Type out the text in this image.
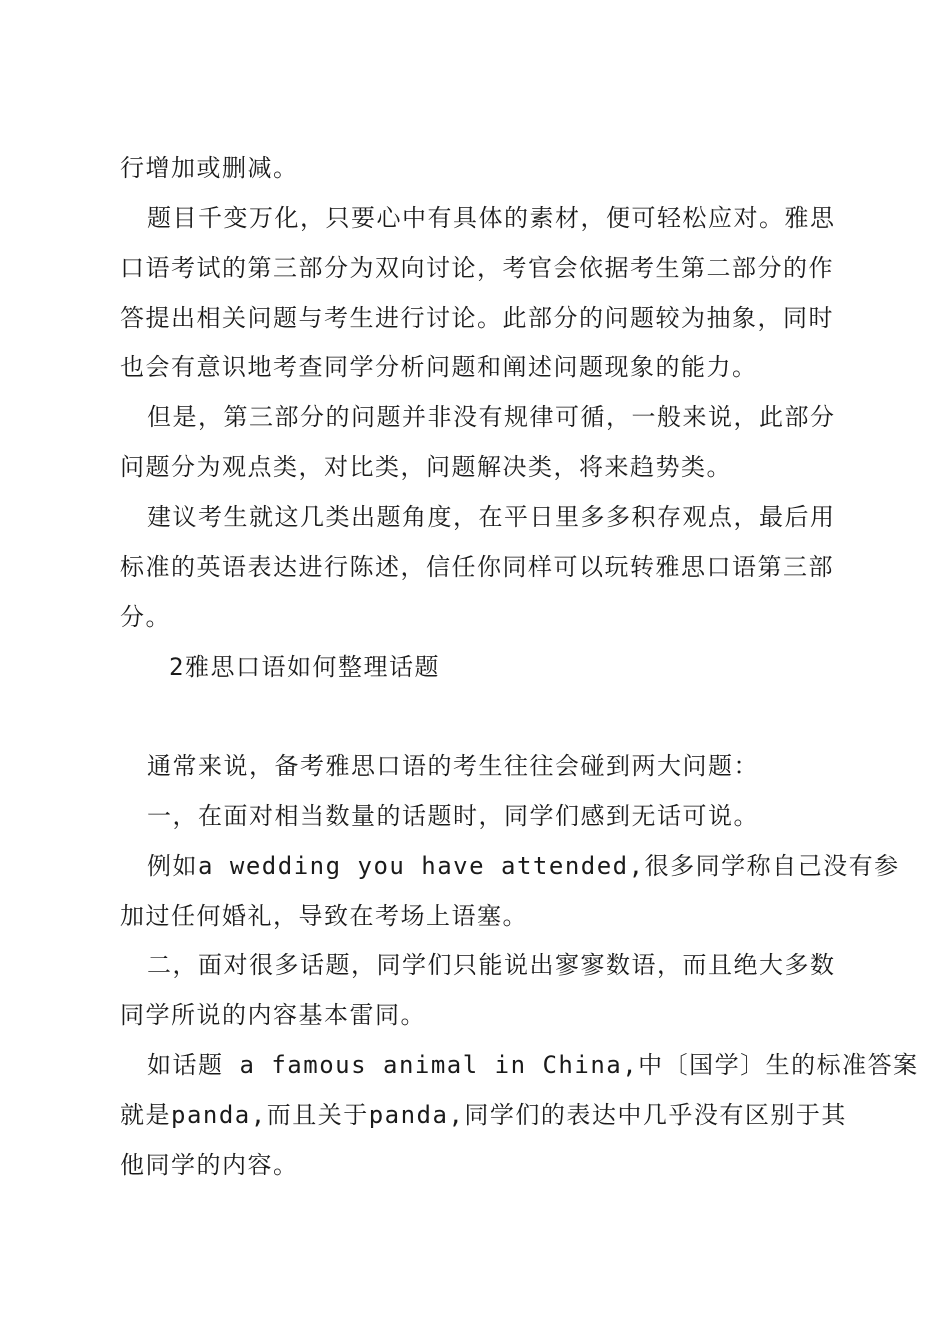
行增加或删减。
题目千变万化，只要心中有具体的素材，便可轻松应对。雅思
口语考试的第三部分为双向讨论，考官会依据考生第二部分的作
答提出相关问题与考生进行讨论。此部分的问题较为抽象，同时
也会有意识地考查同学分析问题和阐述问题现象的能力。
但是，第三部分的问题并非没有规律可循，一般来说，此部分
问题分为观点类，对比类，问题解决类，将来趋势类。
建议考生就这几类出题角度，在平日里多多积存观点，最后用
标准的英语表达进行陈述，信任你同样可以玩转雅思口语第三部
分。
2雅思口语如何整理话题
通常来说，备考雅思口语的考生往往会碰到两大问题：
一，在面对相当数量的话题时，同学们感到无话可说。
例如a wedding you have attended,很多同学称自己没有参
加过任何婚礼，导致在考场上语塞。
二，面对很多话题，同学们只能说出寥寥数语，而且绝大多数
同学所说的内容基本雷同。
如话题 a famous animal in China,中〔国学〕生的标准答案
就是panda,而且关于panda,同学们的表达中几乎没有区别于其
他同学的内容。
